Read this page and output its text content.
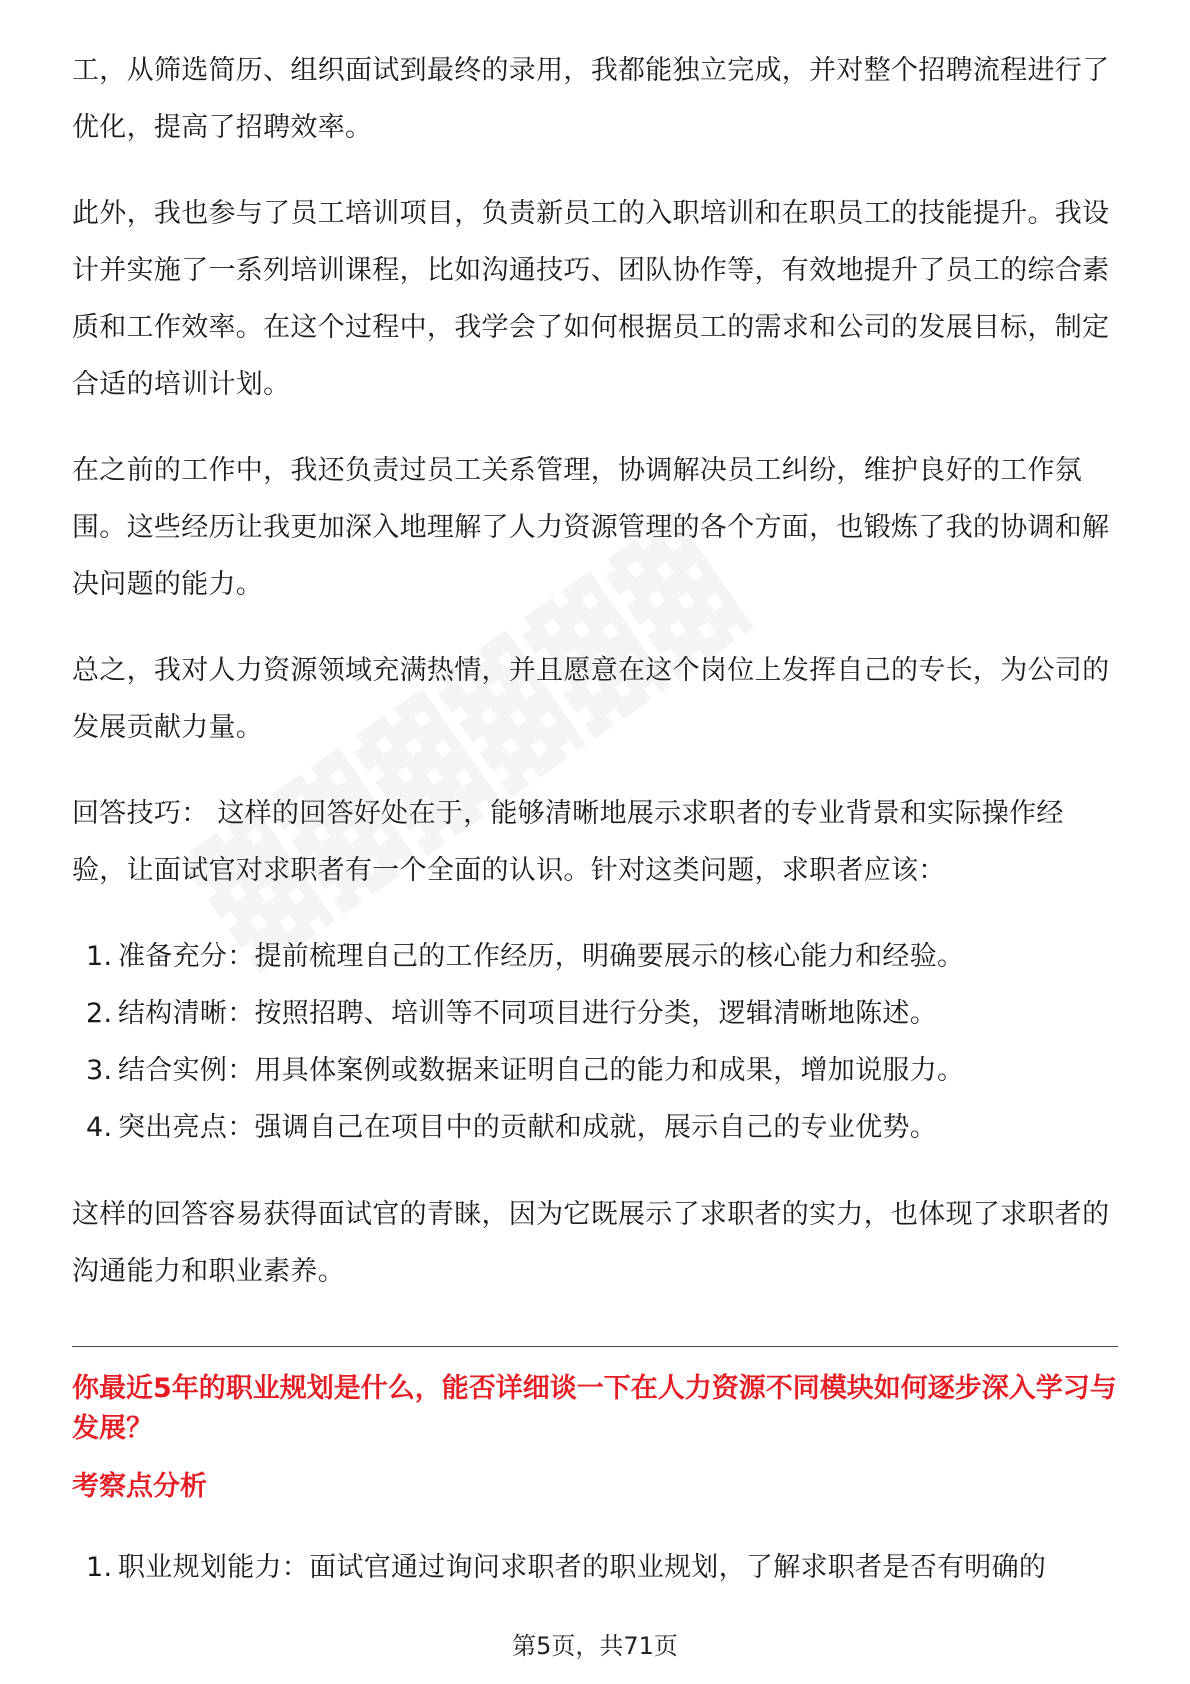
工，从筛选简历、组织面试到最终的录用，我都能独立完成，并对整个招聘流程进行了优化，提高了招聘效率。

此外，我也参与了员工培训项目，负责新员工的入职培训和在职员工的技能提升。我设计并实施了一系列培训课程，比如沟通技巧、团队协作等，有效地提升了员工的综合素质和工作效率。在这个过程中，我学会了如何根据员工的需求和公司的发展目标，制定合适的培训计划。

在之前的工作中，我还负责过员工关系管理，协调解决员工纠纷，维护良好的工作氛围。这些经历让我更加深入地理解了人力资源管理的各个方面，也锻炼了我的协调和解决问题的能力。

总之，我对人力资源领域充满热情，并且愿意在这个岗位上发挥自己的专长，为公司的发展贡献力量。

回答技巧： 这样的回答好处在于，能够清晰地展示求职者的专业背景和实际操作经验，让面试官对求职者有一个全面的认识。针对这类问题，求职者应该：

1. 准备充分：提前梳理自己的工作经历，明确要展示的核心能力和经验。
2. 结构清晰：按照招聘、培训等不同项目进行分类，逻辑清晰地陈述。
3. 结合实例：用具体案例或数据来证明自己的能力和成果，增加说服力。
4. 突出亮点：强调自己在项目中的贡献和成就，展示自己的专业优势。

这样的回答容易获得面试官的青睐，因为它既展示了求职者的实力，也体现了求职者的沟通能力和职业素养。

你最近5年的职业规划是什么，能否详细谈一下在人力资源不同模块如何逐步深入学习与发展？
考察点分析
1. 职业规划能力：面试官通过询问求职者的职业规划，了解求职者是否有明确的
第5页，共71页
